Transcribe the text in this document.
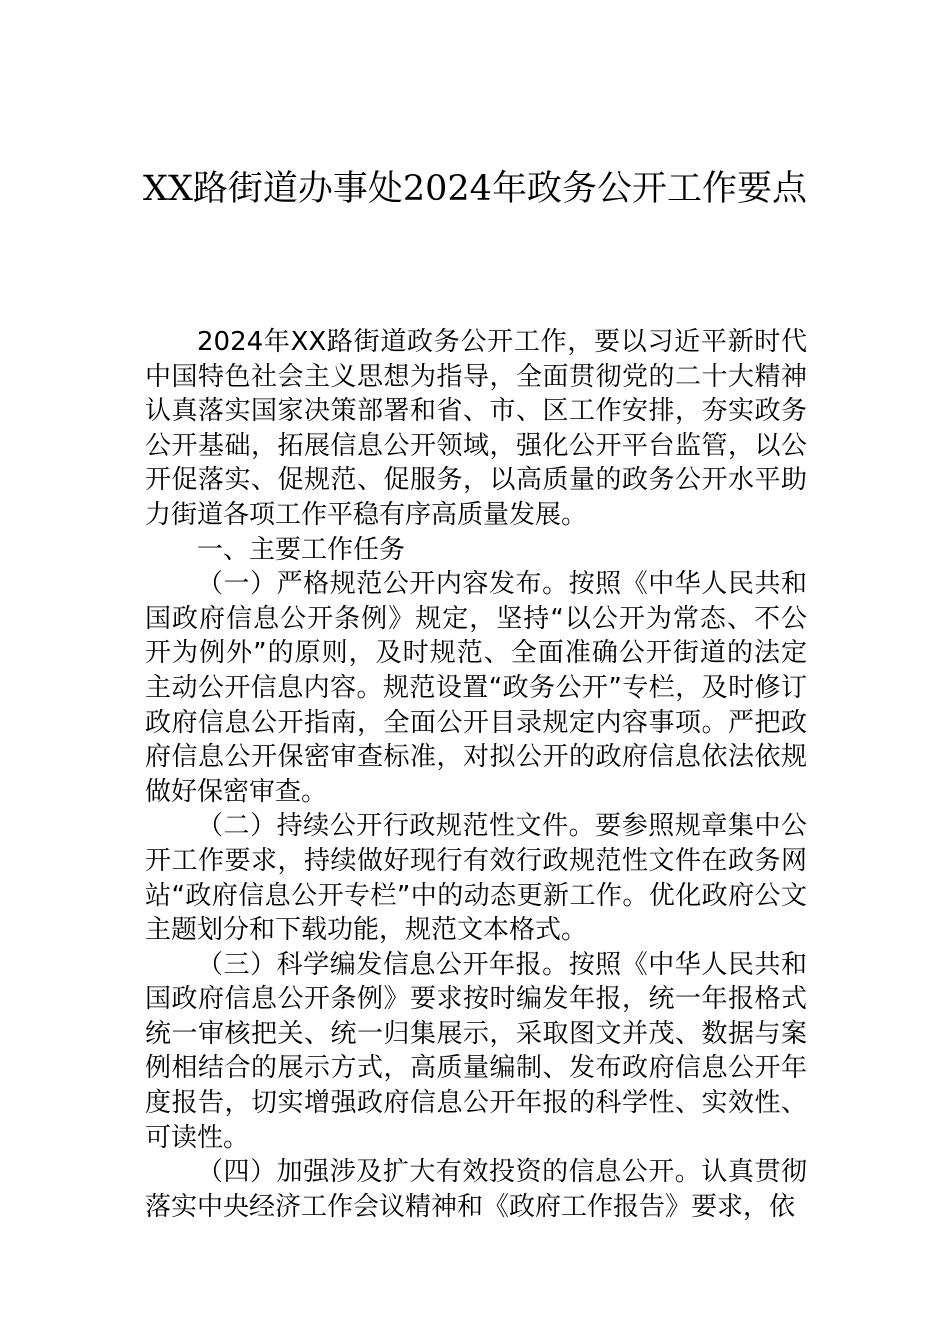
XX路街道办事处2024年政务公开工作要点

2024年XX路街道政务公开工作，要以习近平新时代中国特色社会主义思想为指导，全面贯彻党的二十大精神认真落实国家决策部署和省、市、区工作安排，夯实政务公开基础，拓展信息公开领域，强化公开平台监管，以公开促落实、促规范、促服务，以高质量的政务公开水平助力街道各项工作平稳有序高质量发展。

一、主要工作任务

（一）严格规范公开内容发布。按照《中华人民共和国政府信息公开条例》规定，坚持“以公开为常态、不公开为例外”的原则，及时规范、全面准确公开街道的法定主动公开信息内容。规范设置“政务公开”专栏，及时修订政府信息公开指南，全面公开目录规定内容事项。严把政府信息公开保密审查标准，对拟公开的政府信息依法依规做好保密审查。

（二）持续公开行政规范性文件。要参照规章集中公开工作要求，持续做好现行有效行政规范性文件在政务网站“政府信息公开专栏”中的动态更新工作。优化政府公文主题划分和下载功能，规范文本格式。

（三）科学编发信息公开年报。按照《中华人民共和国政府信息公开条例》要求按时编发年报，统一年报格式统一审核把关、统一归集展示，采取图文并茂、数据与案例相结合的展示方式，高质量编制、发布政府信息公开年度报告，切实增强政府信息公开年报的科学性、实效性、可读性。

（四）加强涉及扩大有效投资的信息公开。认真贯彻落实中央经济工作会议精神和《政府工作报告》要求，依
